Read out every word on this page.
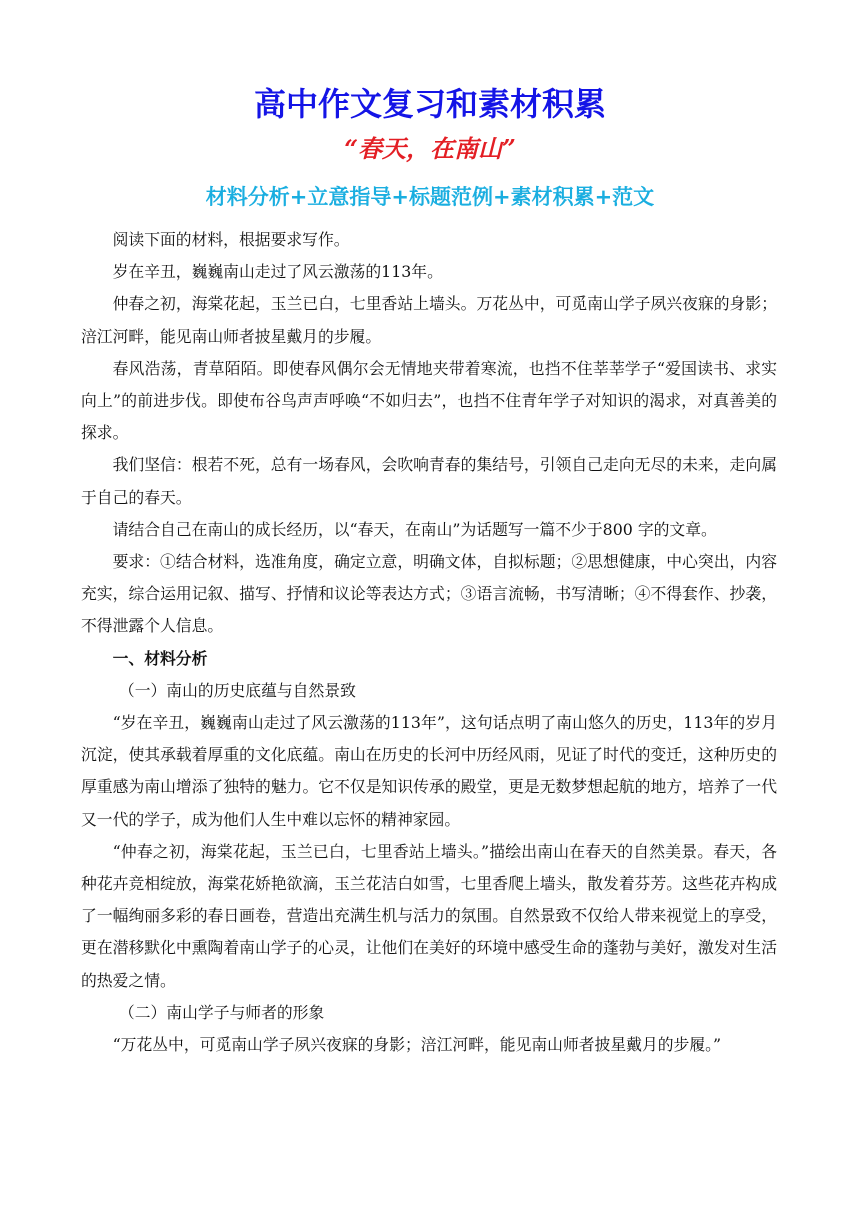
高中作文复习和素材积累
“春天，在南山”
材料分析+立意指导+标题范例+素材积累+范文

阅读下面的材料，根据要求写作。

岁在辛丑，巍巍南山走过了风云激荡的113年。

仲春之初，海棠花起，玉兰已白，七里香站上墙头。万花丛中，可觅南山学子夙兴夜寐的身影；涪江河畔，能见南山师者披星戴月的步履。

春风浩荡，青草陌陌。即使春风偶尔会无情地夹带着寒流，也挡不住莘莘学子“爱国读书、求实向上”的前进步伐。即使布谷鸟声声呼唤“不如归去”，也挡不住青年学子对知识的渴求，对真善美的探求。

我们坚信：根若不死，总有一场春风，会吹响青春的集结号，引领自己走向无尽的未来，走向属于自己的春天。

请结合自己在南山的成长经历，以“春天，在南山”为话题写一篇不少于800 字的文章。

要求：①结合材料，选准角度，确定立意，明确文体，自拟标题；②思想健康，中心突出，内容充实，综合运用记叙、描写、抒情和议论等表达方式；③语言流畅，书写清晰；④不得套作、抄袭，不得泄露个人信息。

一、材料分析

（一）南山的历史底蕴与自然景致

“岁在辛丑，巍巍南山走过了风云激荡的113年”，这句话点明了南山悠久的历史，113年的岁月沉淀，使其承载着厚重的文化底蕴。南山在历史的长河中历经风雨，见证了时代的变迁，这种历史的厚重感为南山增添了独特的魅力。它不仅是知识传承的殿堂，更是无数梦想起航的地方，培养了一代又一代的学子，成为他们人生中难以忘怀的精神家园。

“仲春之初，海棠花起，玉兰已白，七里香站上墙头。”描绘出南山在春天的自然美景。春天，各种花卉竞相绽放，海棠花娇艳欲滴，玉兰花洁白如雪，七里香爬上墙头，散发着芬芳。这些花卉构成了一幅绚丽多彩的春日画卷，营造出充满生机与活力的氛围。自然景致不仅给人带来视觉上的享受，更在潜移默化中熏陶着南山学子的心灵，让他们在美好的环境中感受生命的蓬勃与美好，激发对生活的热爱之情。

（二）南山学子与师者的形象

“万花丛中，可觅南山学子夙兴夜寐的身影；涪江河畔，能见南山师者披星戴月的步履。”
